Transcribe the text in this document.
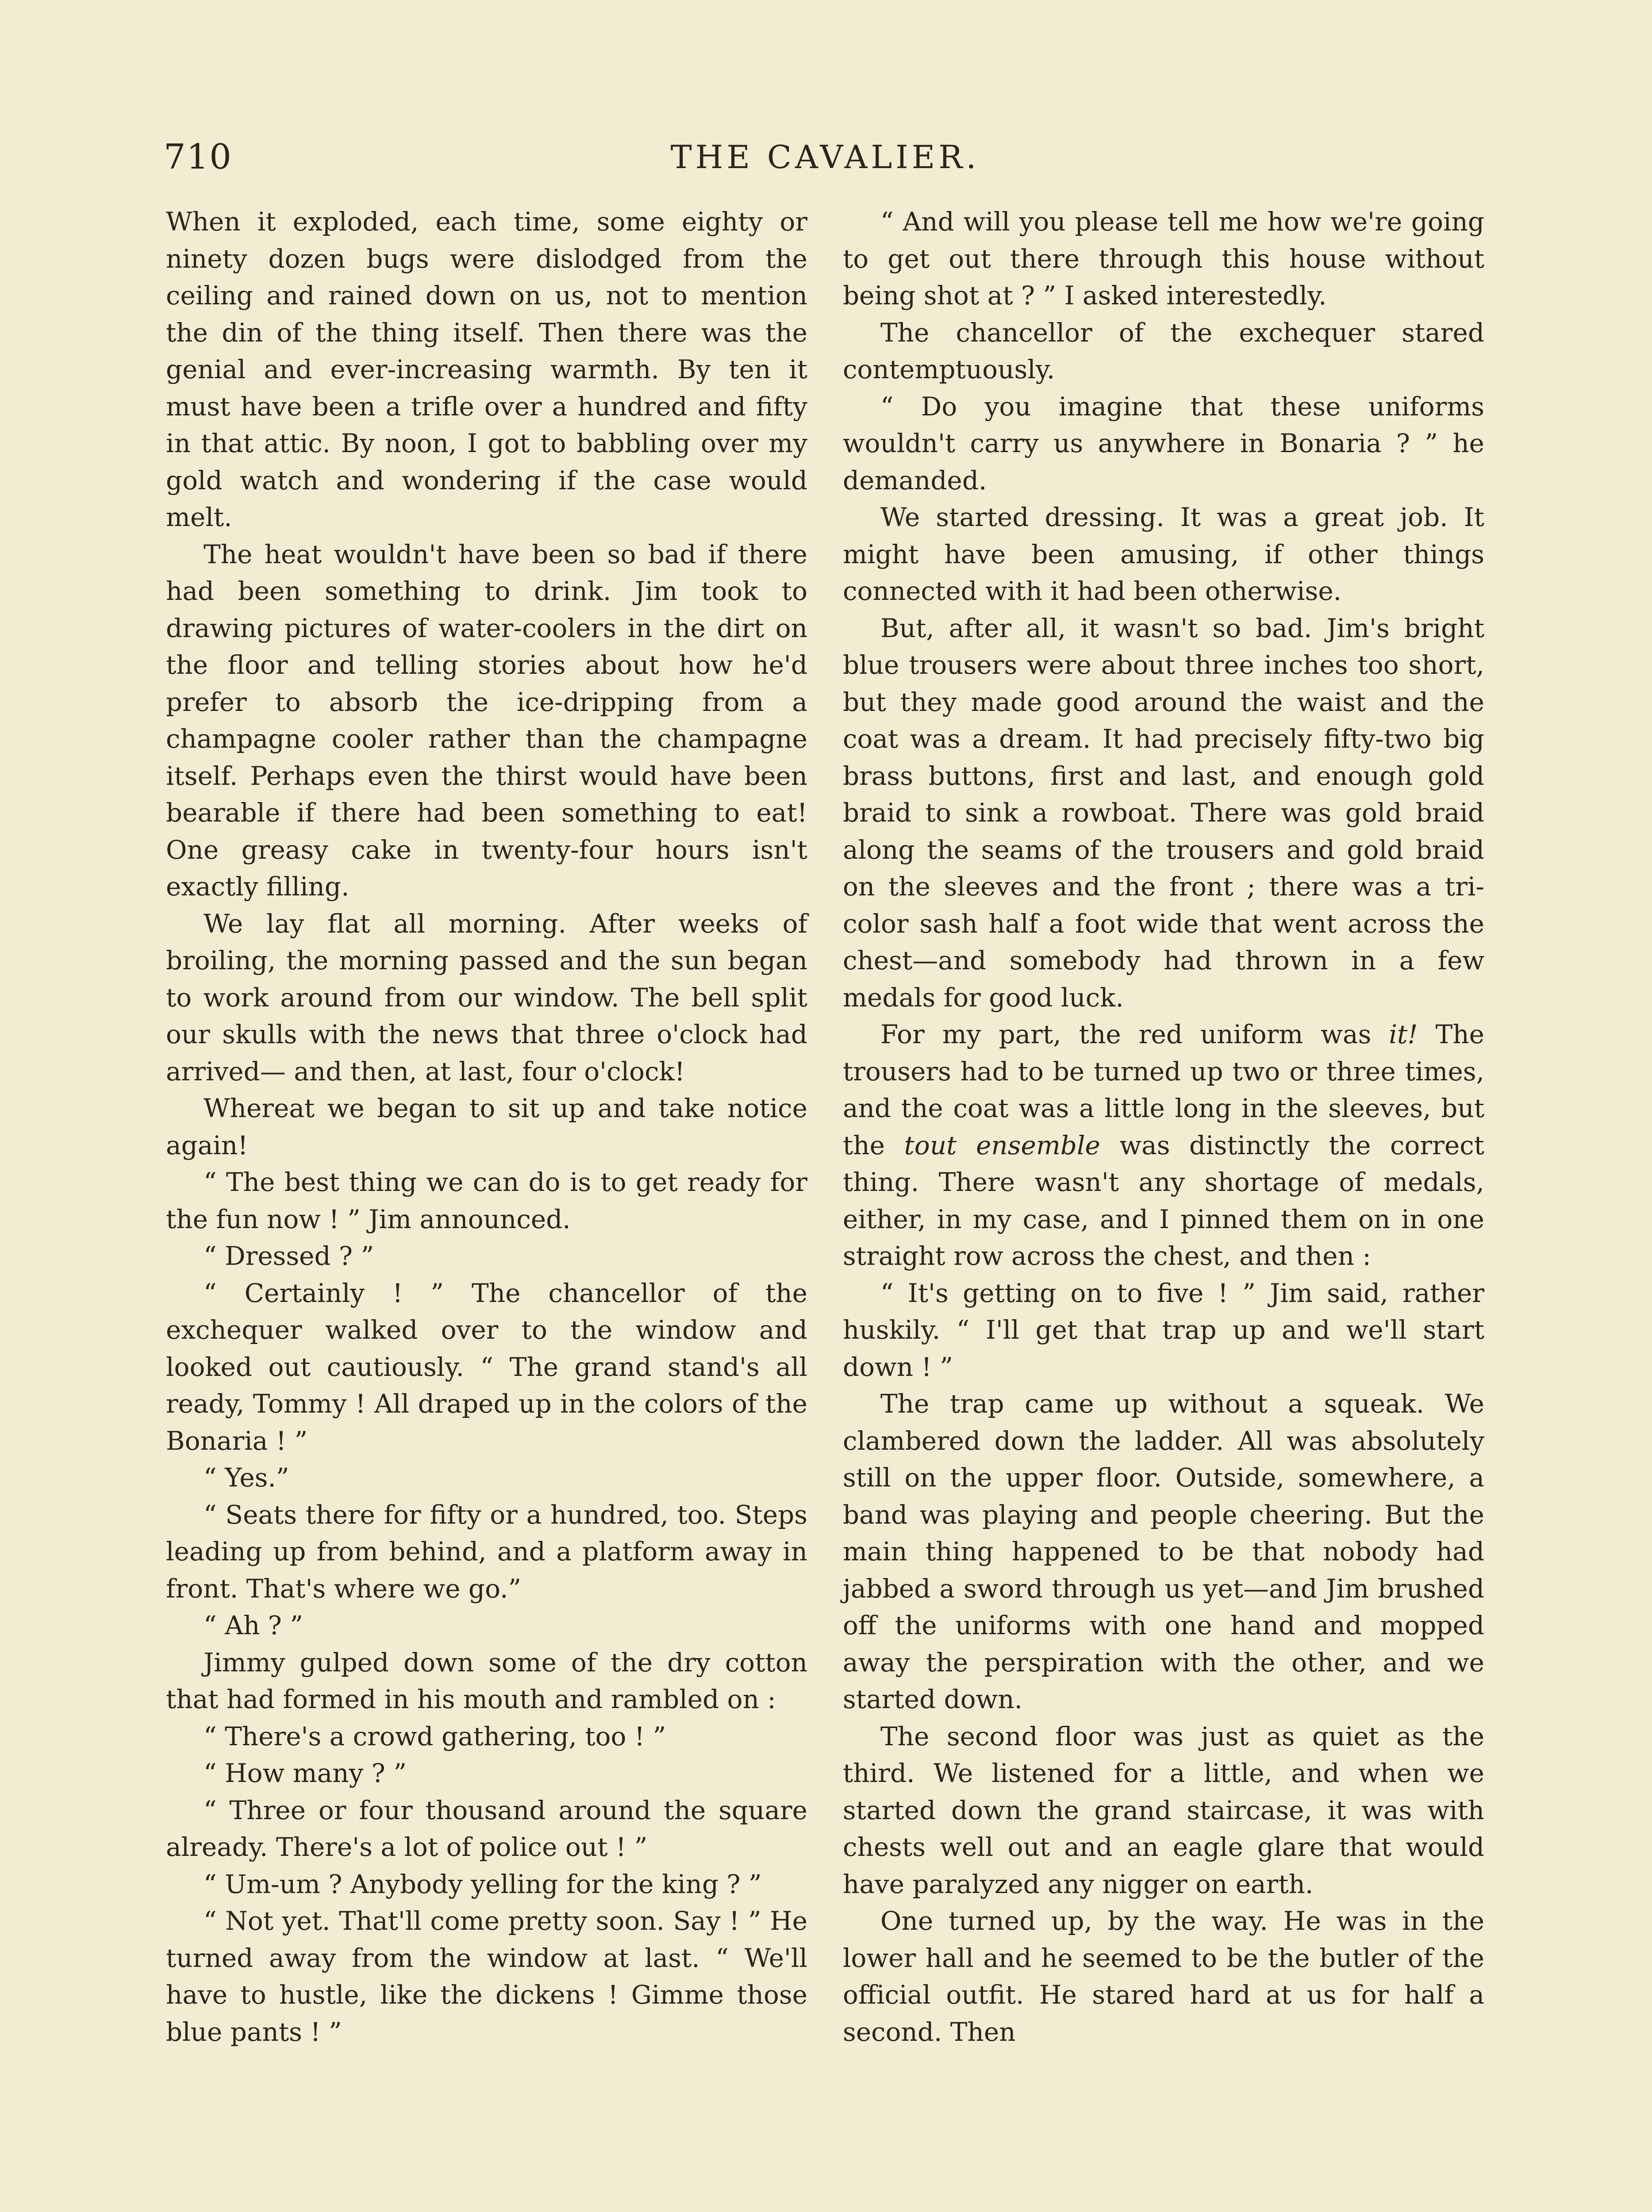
710	THE CAVALIER.

When it exploded, each time, some eighty or ninety dozen bugs were dislodged from the ceiling and rained down on us, not to mention the din of the thing itself. Then there was the genial and ever-increasing warmth. By ten it must have been a trifle over a hundred and fifty in that attic. By noon, I got to babbling over my gold watch and wondering if the case would melt.

The heat wouldn't have been so bad if there had been something to drink. Jim took to drawing pictures of water-coolers in the dirt on the floor and telling stories about how he'd prefer to absorb the ice-dripping from a champagne cooler rather than the champagne itself. Perhaps even the thirst would have been bearable if there had been something to eat! One greasy cake in twenty-four hours isn't exactly filling.

We lay flat all morning. After weeks of broiling, the morning passed and the sun began to work around from our window. The bell split our skulls with the news that three o'clock had arrived— and then, at last, four o'clock!

Whereat we began to sit up and take notice again!

“ The best thing we can do is to get ready for the fun now ! ” Jim announced.

“ Dressed ? ”

“ Certainly ! ” The chancellor of the exchequer walked over to the window and looked out cautiously. “ The grand stand's all ready, Tommy ! All draped up in the colors of the Bonaria ! ”

“ Yes.”

“ Seats there for fifty or a hundred, too. Steps leading up from behind, and a platform away in front. That's where we go.”

“ Ah ? ”

Jimmy gulped down some of the dry cotton that had formed in his mouth and rambled on :

“ There's a crowd gathering, too ! ”

“ How many ? ”

“ Three or four thousand around the square already. There's a lot of police out ! ”

“ Um-um ? Anybody yelling for the king ? ”

“ Not yet. That'll come pretty soon. Say ! ” He turned away from the window at last. “ We'll have to hustle, like the dickens ! Gimme those blue pants ! ”

“ And will you please tell me how we're going to get out there through this house without being shot at ? ” I asked interestedly.

The chancellor of the exchequer stared contemptuously.

“ Do you imagine that these uniforms wouldn't carry us anywhere in Bonaria ? ” he demanded.

We started dressing. It was a great job. It might have been amusing, if other things connected with it had been otherwise.

But, after all, it wasn't so bad. Jim's bright blue trousers were about three inches too short, but they made good around the waist and the coat was a dream. It had precisely fifty-two big brass buttons, first and last, and enough gold braid to sink a rowboat. There was gold braid along the seams of the trousers and gold braid on the sleeves and the front ; there was a tri-color sash half a foot wide that went across the chest—and somebody had thrown in a few medals for good luck.

For my part, the red uniform was it! The trousers had to be turned up two or three times, and the coat was a little long in the sleeves, but the tout ensemble was distinctly the correct thing. There wasn't any shortage of medals, either, in my case, and I pinned them on in one straight row across the chest, and then :

“ It's getting on to five ! ” Jim said, rather huskily. “ I'll get that trap up and we'll start down ! ”

The trap came up without a squeak. We clambered down the ladder. All was absolutely still on the upper floor. Outside, somewhere, a band was playing and people cheering. But the main thing happened to be that nobody had jabbed a sword through us yet—and Jim brushed off the uniforms with one hand and mopped away the perspiration with the other, and we started down.

The second floor was just as quiet as the third. We listened for a little, and when we started down the grand staircase, it was with chests well out and an eagle glare that would have paralyzed any nigger on earth.

One turned up, by the way. He was in the lower hall and he seemed to be the butler of the official outfit. He stared hard at us for half a second. Then
